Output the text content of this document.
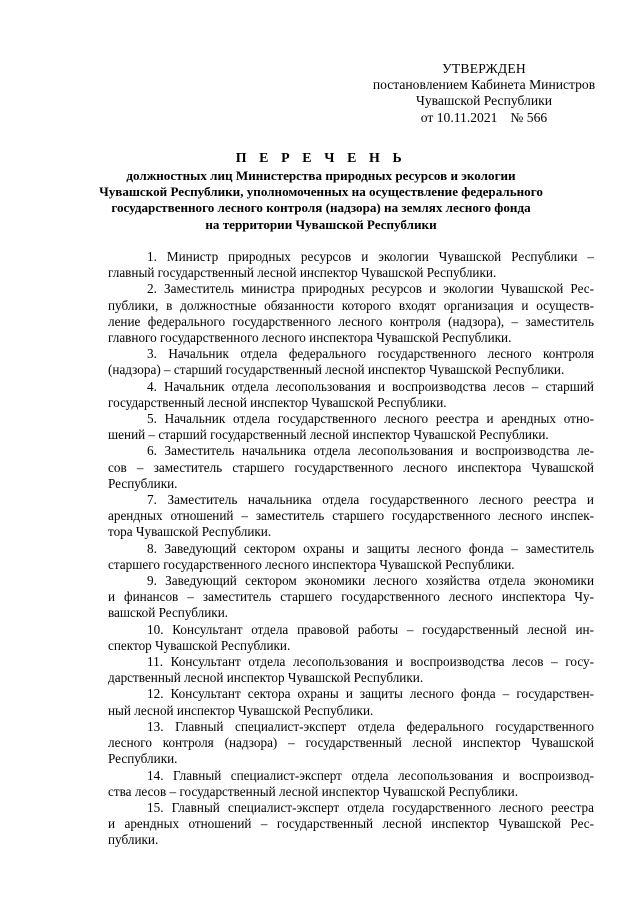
УТВЕРЖДЕН
постановлением Кабинета Министров
Чувашской Республики
от 10.11.2021 № 566
П Е Р Е Ч Е Н Ь
должностных лиц Министерства природных ресурсов и экологии
Чувашской Республики, уполномоченных на осуществление федерального
государственного лесного контроля (надзора) на землях лесного фонда
на территории Чувашской Республики
1. Министр природных ресурсов и экологии Чувашской Республики –
главный государственный лесной инспектор Чувашской Республики.
2. Заместитель министра природных ресурсов и экологии Чувашской Рес-
публики, в должностные обязанности которого входят организация и осуществ-
ление федерального государственного лесного контроля (надзора), – заместитель
главного государственного лесного инспектора Чувашской Республики.
3. Начальник отдела федерального государственного лесного контроля
(надзора) – старший государственный лесной инспектор Чувашской Республики.
4. Начальник отдела лесопользования и воспроизводства лесов – старший
государственный лесной инспектор Чувашской Республики.
5. Начальник отдела государственного лесного реестра и арендных отно-
шений – старший государственный лесной инспектор Чувашской Республики.
6. Заместитель начальника отдела лесопользования и воспроизводства ле-
сов – заместитель старшего государственного лесного инспектора Чувашской
Республики.
7. Заместитель начальника отдела государственного лесного реестра и
арендных отношений – заместитель старшего государственного лесного инспек-
тора Чувашской Республики.
8. Заведующий сектором охраны и защиты лесного фонда – заместитель
старшего государственного лесного инспектора Чувашской Республики.
9. Заведующий сектором экономики лесного хозяйства отдела экономики
и финансов – заместитель старшего государственного лесного инспектора Чу-
вашской Республики.
10. Консультант отдела правовой работы – государственный лесной ин-
спектор Чувашской Республики.
11. Консультант отдела лесопользования и воспроизводства лесов – госу-
дарственный лесной инспектор Чувашской Республики.
12. Консультант сектора охраны и защиты лесного фонда – государствен-
ный лесной инспектор Чувашской Республики.
13. Главный специалист-эксперт отдела федерального государственного
лесного контроля (надзора) – государственный лесной инспектор Чувашской
Республики.
14. Главный специалист-эксперт отдела лесопользования и воспроизвод-
ства лесов – государственный лесной инспектор Чувашской Республики.
15. Главный специалист-эксперт отдела государственного лесного реестра
и арендных отношений – государственный лесной инспектор Чувашской Рес-
публики.
